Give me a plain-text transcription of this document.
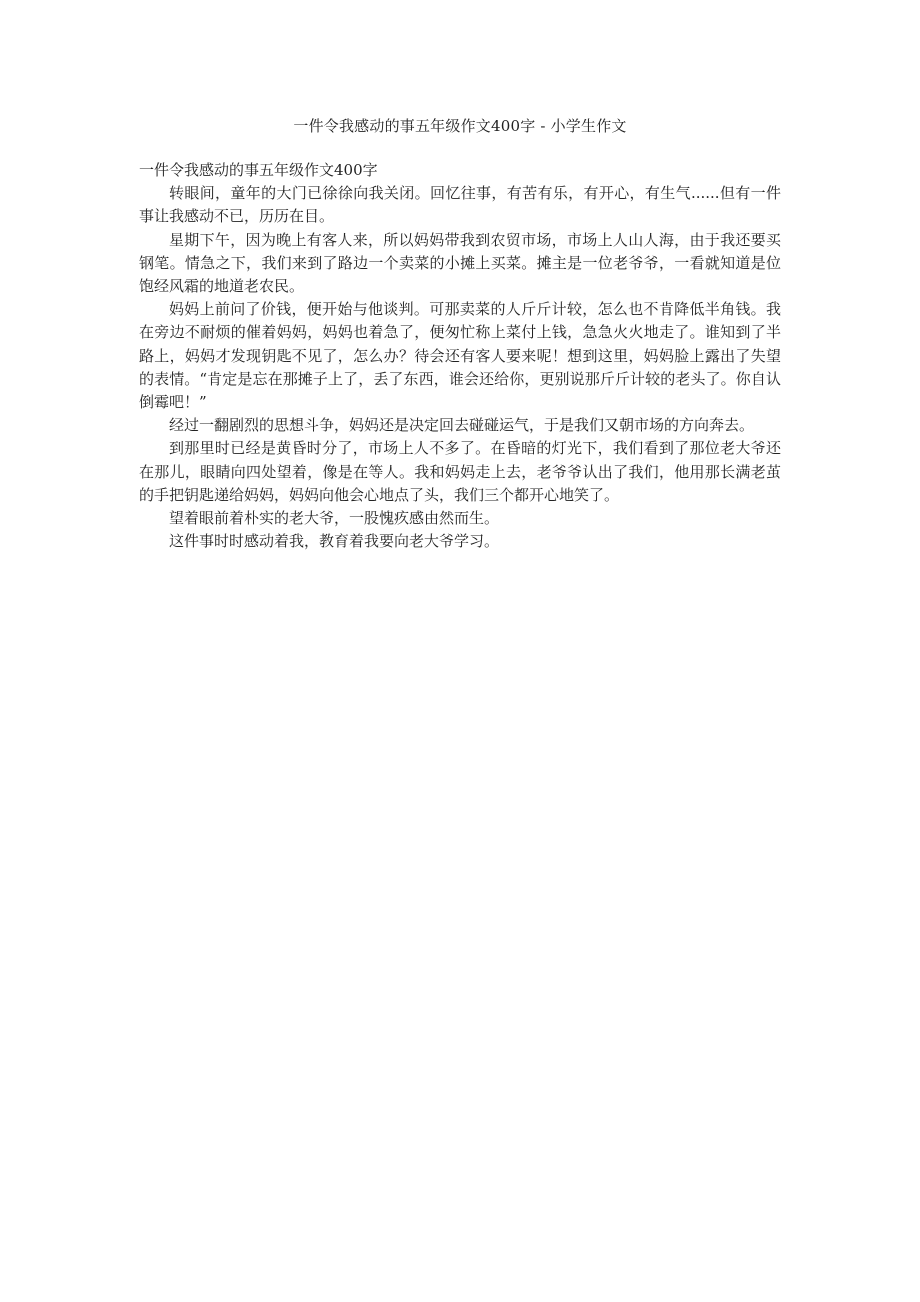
一件令我感动的事五年级作文400字 - 小学生作文

一件令我感动的事五年级作文400字

转眼间，童年的大门已徐徐向我关闭。回忆往事，有苦有乐，有开心，有生气......但有一件事让我感动不已，历历在目。

星期下午，因为晚上有客人来，所以妈妈带我到农贸市场，市场上人山人海，由于我还要买钢笔。情急之下，我们来到了路边一个卖菜的小摊上买菜。摊主是一位老爷爷，一看就知道是位饱经风霜的地道老农民。

妈妈上前问了价钱，便开始与他谈判。可那卖菜的人斤斤计较，怎么也不肯降低半角钱。我在旁边不耐烦的催着妈妈，妈妈也着急了，便匆忙称上菜付上钱，急急火火地走了。谁知到了半路上，妈妈才发现钥匙不见了，怎么办？待会还有客人要来呢！想到这里，妈妈脸上露出了失望的表情。“肯定是忘在那摊子上了，丢了东西，谁会还给你，更别说那斤斤计较的老头了。你自认倒霉吧！”

经过一翻剧烈的思想斗争，妈妈还是决定回去碰碰运气，于是我们又朝市场的方向奔去。

到那里时已经是黄昏时分了，市场上人不多了。在昏暗的灯光下，我们看到了那位老大爷还在那儿，眼睛向四处望着，像是在等人。我和妈妈走上去，老爷爷认出了我们，他用那长满老茧的手把钥匙递给妈妈，妈妈向他会心地点了头，我们三个都开心地笑了。

望着眼前着朴实的老大爷，一股愧疚感由然而生。

这件事时时感动着我，教育着我要向老大爷学习。
